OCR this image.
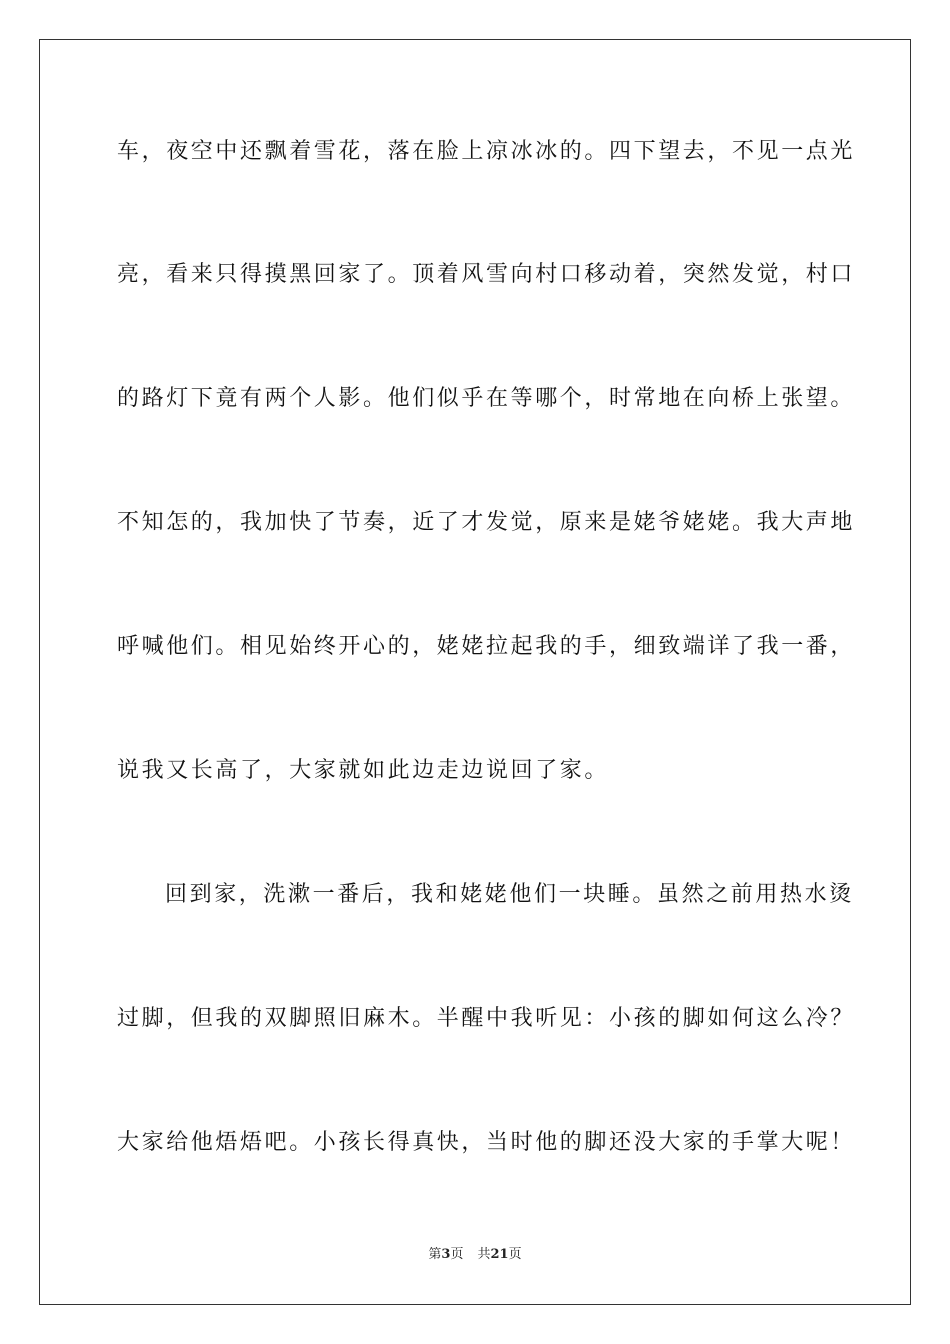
车，夜空中还飘着雪花，落在脸上凉冰冰的。四下望去，不见一点光
亮，看来只得摸黑回家了。顶着风雪向村口移动着，突然发觉，村口
的路灯下竟有两个人影。他们似乎在等哪个，时常地在向桥上张望。
不知怎的，我加快了节奏，近了才发觉，原来是姥爷姥姥。我大声地
呼喊他们。相见始终开心的，姥姥拉起我的手，细致端详了我一番，
说我又长高了，大家就如此边走边说回了家。
回到家，洗漱一番后，我和姥姥他们一块睡。虽然之前用热水烫
过脚，但我的双脚照旧麻木。半醒中我听见：小孩的脚如何这么冷？
大家给他焐焐吧。小孩长得真快，当时他的脚还没大家的手掌大呢！
第3页 共21页
